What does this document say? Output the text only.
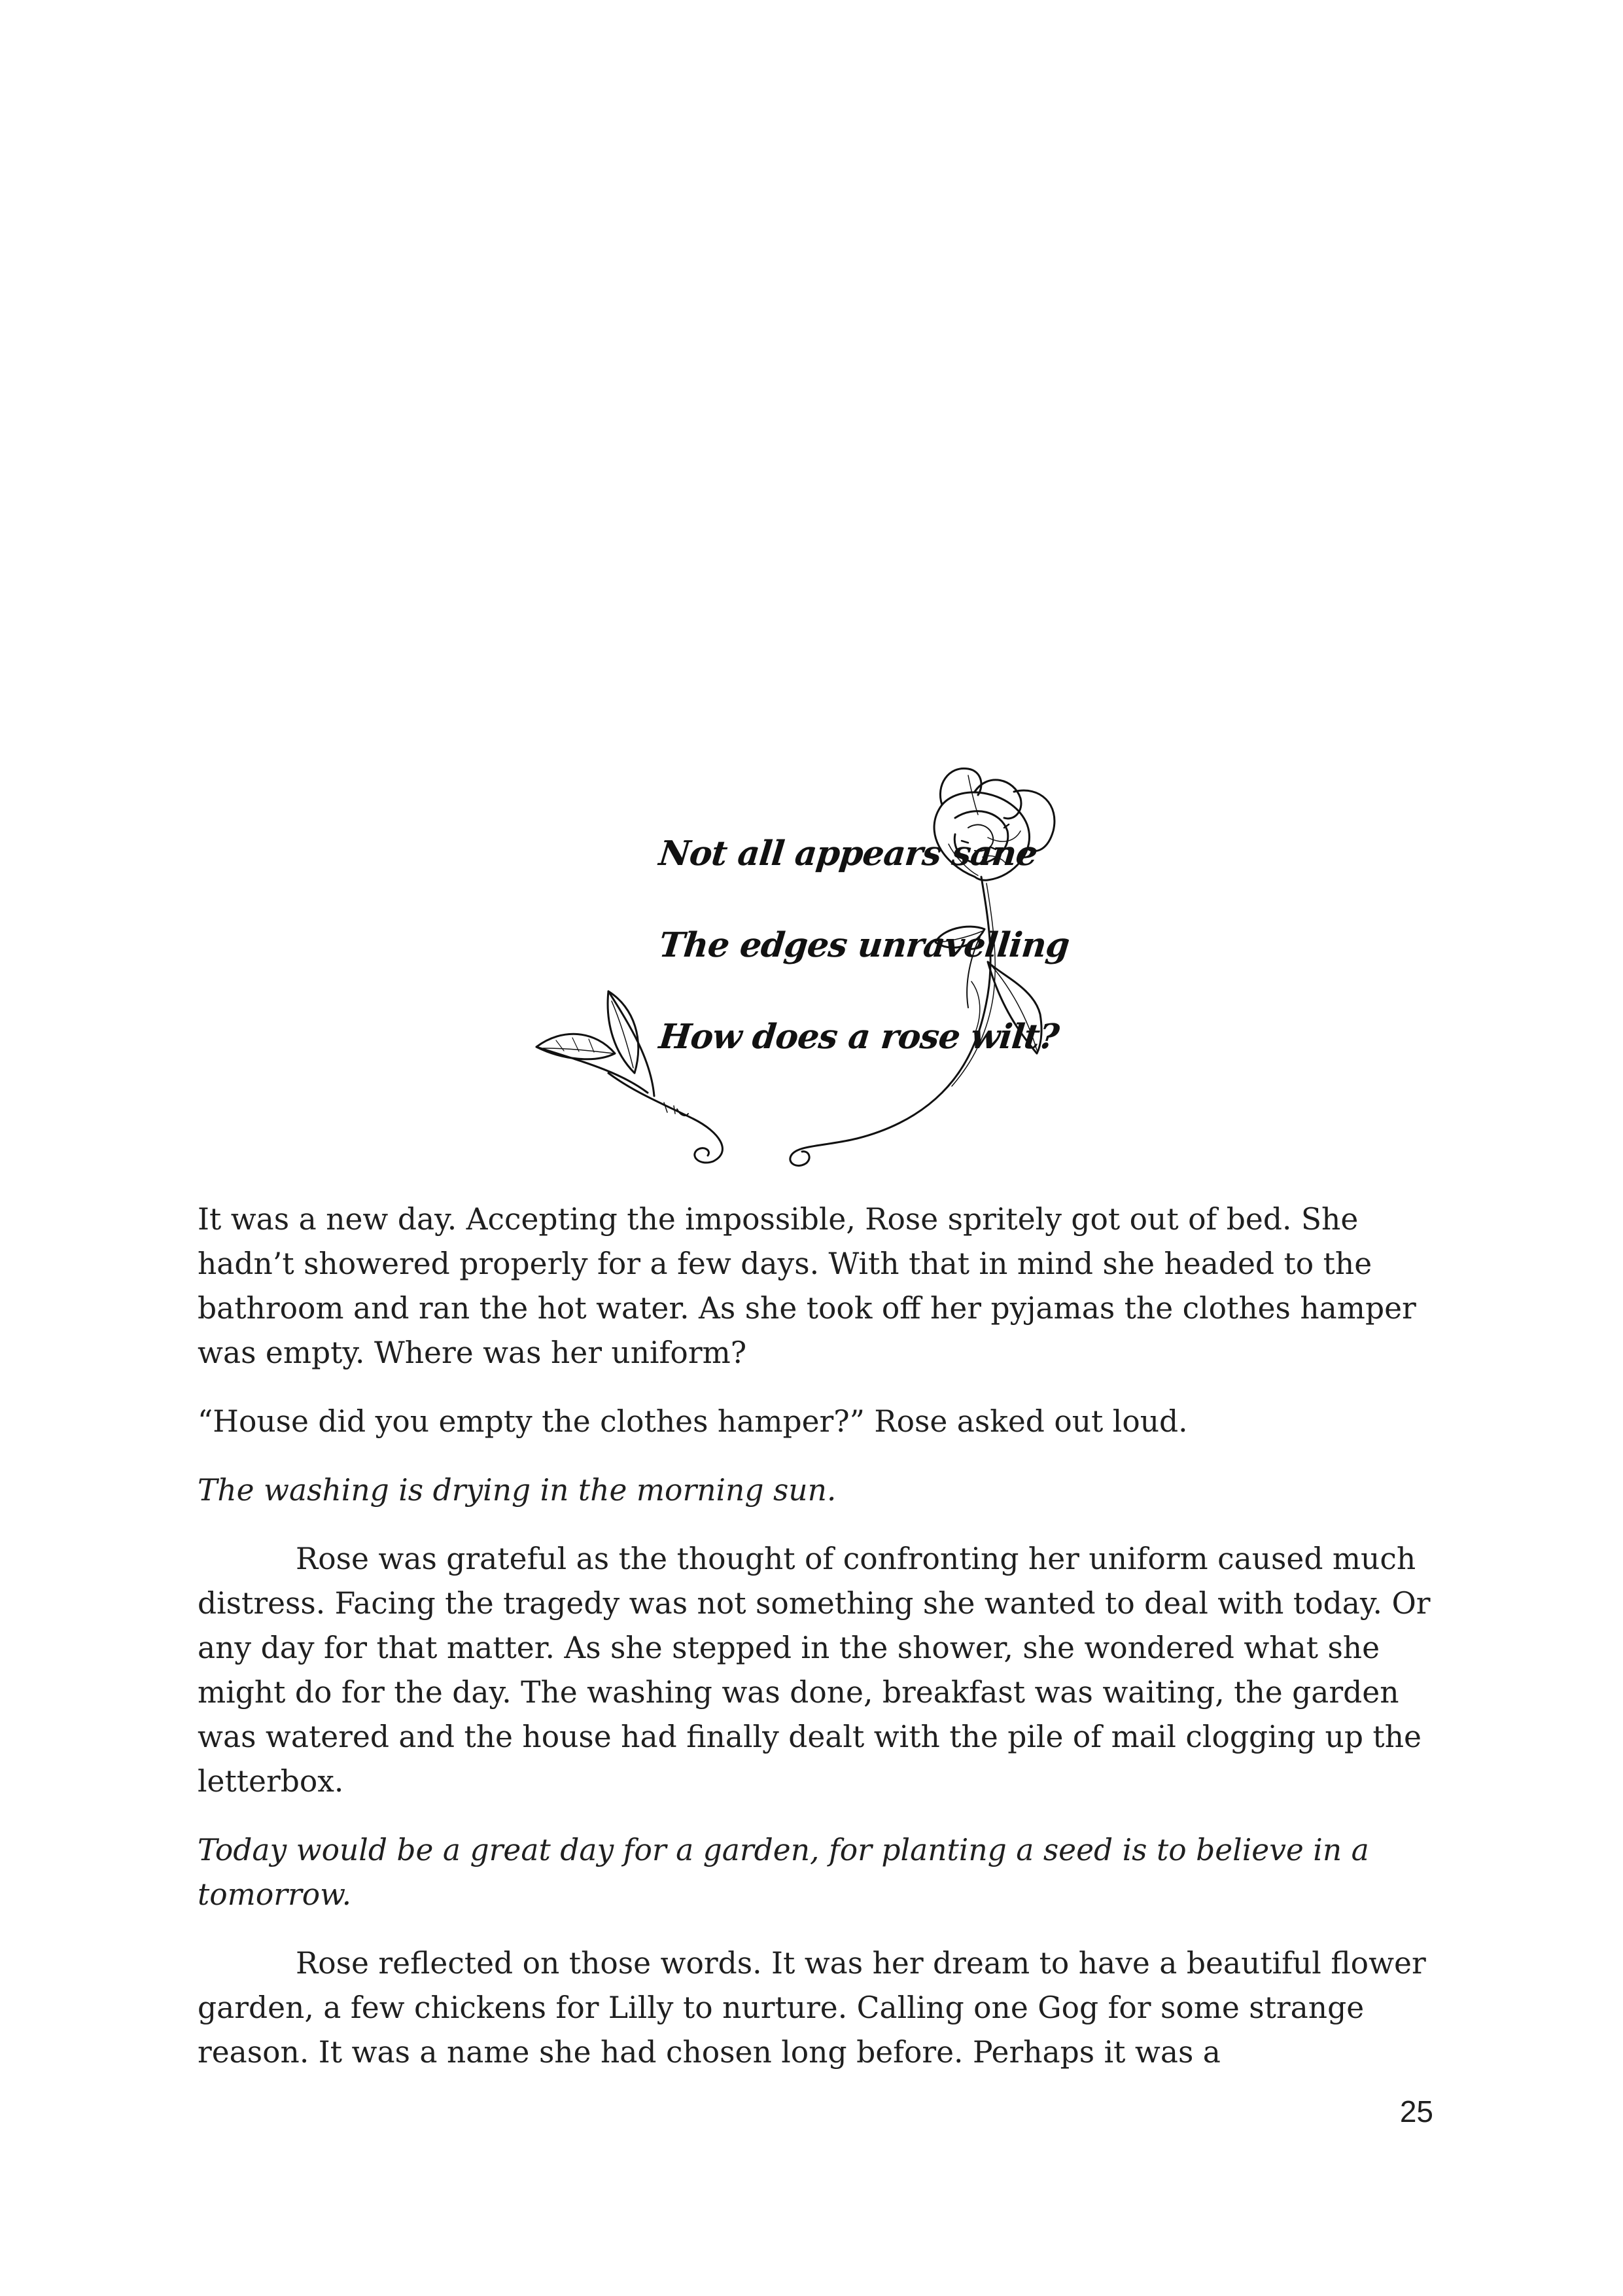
Not all appears sane
The edges unravelling
How does a rose wilt?

It was a new day. Accepting the impossible, Rose spritely got out of bed. She hadn’t showered properly for a few days. With that in mind she headed to the bathroom and ran the hot water. As she took off her pyjamas the clothes hamper was empty. Where was her uniform?

“House did you empty the clothes hamper?” Rose asked out loud.

The washing is drying in the morning sun.

Rose was grateful as the thought of confronting her uniform caused much distress. Facing the tragedy was not something she wanted to deal with today. Or any day for that matter. As she stepped in the shower, she wondered what she might do for the day. The washing was done, breakfast was waiting, the garden was watered and the house had finally dealt with the pile of mail clogging up the letterbox.

Today would be a great day for a garden, for planting a seed is to believe in a tomorrow.

Rose reflected on those words. It was her dream to have a beautiful flower garden, a few chickens for Lilly to nurture. Calling one Gog for some strange reason. It was a name she had chosen long before. Perhaps it was a

25
